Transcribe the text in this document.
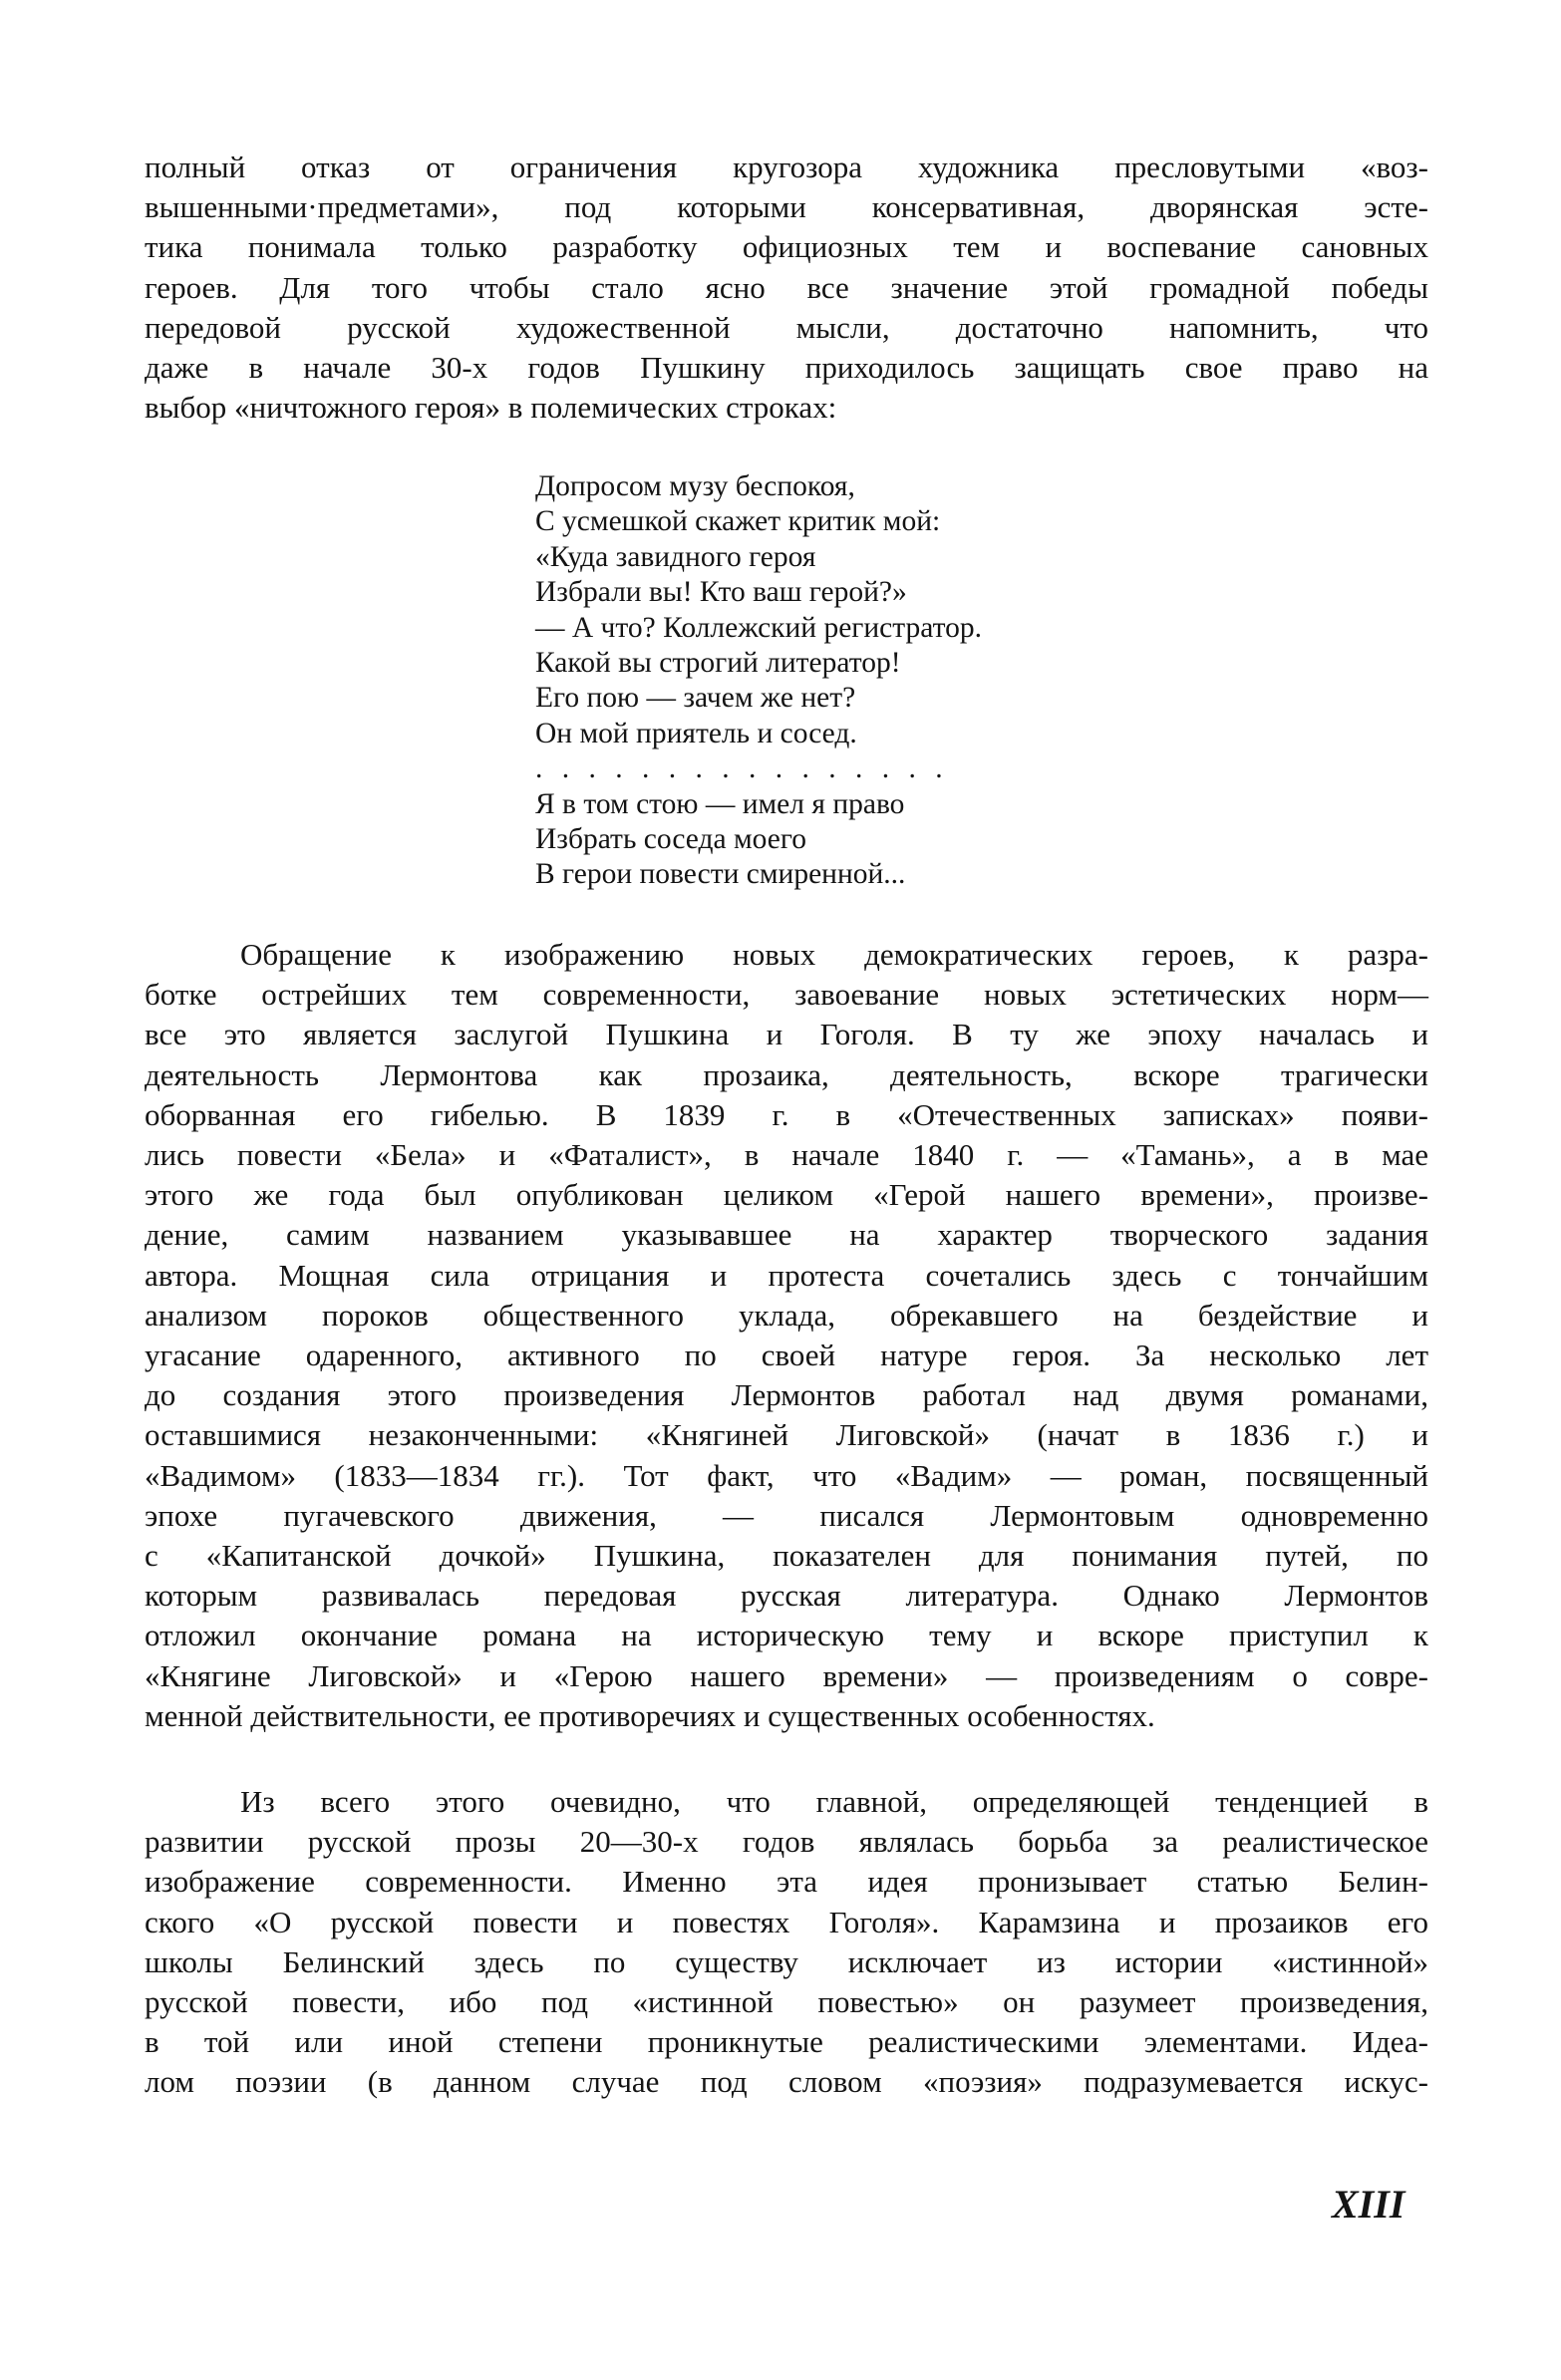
полный отказ от ограничения кругозора художника пресловутыми «воз-
вышенными·предметами», под которыми консервативная, дворянская эсте-
тика понимала только разработку официозных тем и воспевание сановных
героев. Для того чтобы стало ясно все значение этой громадной победы
передовой русской художественной мысли, достаточно напомнить, что
даже в начале 30-х годов Пушкину приходилось защищать свое право на
выбор «ничтожного героя» в полемических строках:
Допросом музу беспокоя,
С усмешкой скажет критик мой:
«Куда завидного героя
Избрали вы! Кто ваш герой?»
— А что? Коллежский регистратор.
Какой вы строгий литератор!
Его пою — зачем же нет?
Он мой приятель и сосед.
. . . . . . . . . . . . . . . .
Я в том стою — имел я право
Избрать соседа моего
В герои повести смиренной...
Обращение к изображению новых демократических героев, к разра-
ботке острейших тем современности, завоевание новых эстетических норм—
все это является заслугой Пушкина и Гоголя. В ту же эпоху началась и
деятельность Лермонтова как прозаика, деятельность, вскоре трагически
оборванная его гибелью. В 1839 г. в «Отечественных записках» появи-
лись повести «Бела» и «Фаталист», в начале 1840 г. — «Тамань», а в мае
этого же года был опубликован целиком «Герой нашего времени», произве-
дение, самим названием указывавшее на характер творческого задания
автора. Мощная сила отрицания и протеста сочетались здесь с тончайшим
анализом пороков общественного уклада, обрекавшего на бездействие и
угасание одаренного, активного по своей натуре героя. За несколько лет
до создания этого произведения Лермонтов работал над двумя романами,
оставшимися незаконченными: «Княгиней Лиговской» (начат в 1836 г.) и
«Вадимом» (1833—1834 гг.). Тот факт, что «Вадим» — роман, посвященный
эпохе пугачевского движения, — писался Лермонтовым одновременно
с «Капитанской дочкой» Пушкина, показателен для понимания путей, по
которым развивалась передовая русская литература. Однако Лермонтов
отложил окончание романа на историческую тему и вскоре приступил к
«Княгине Лиговской» и «Герою нашего времени» — произведениям о совре-
менной действительности, ее противоречиях и существенных особенностях.
Из всего этого очевидно, что главной, определяющей тенденцией в
развитии русской прозы 20—30-х годов являлась борьба за реалистическое
изображение современности. Именно эта идея пронизывает статью Белин-
ского «О русской повести и повестях Гоголя». Карамзина и прозаиков его
школы Белинский здесь по существу исключает из истории «истинной»
русской повести, ибо под «истинной повестью» он разумеет произведения,
в той или иной степени проникнутые реалистическими элементами. Идеа-
лом поэзии (в данном случае под словом «поэзия» подразумевается искус-
XIII
